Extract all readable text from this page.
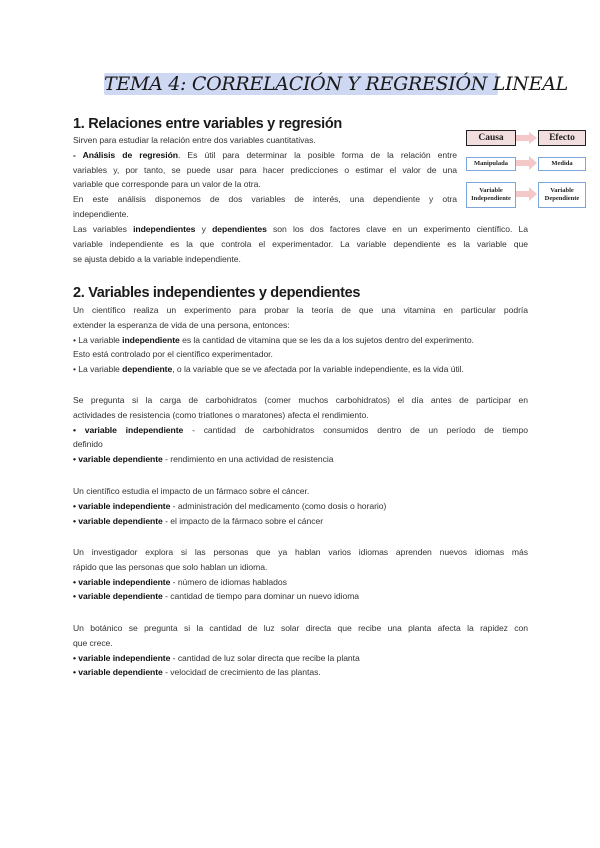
TEMA 4: CORRELACIÓN Y REGRESIÓN LINEAL
1. Relaciones entre variables y regresión
Sirven para estudiar la relación entre dos variables cuantitativas.
- Análisis de regresión. Es útil para determinar la posible forma de la relación entre
variables y, por tanto, se puede usar para hacer predicciones o estimar el valor de una
variable que corresponde para un valor de la otra.
En este análisis disponemos de dos variables de interés, una dependiente y otra
independiente.
Las variables independientes y dependientes son los dos factores clave en un experimento científico. La
variable independiente es la que controla el experimentador. La variable dependiente es la variable que
se ajusta debido a la variable independiente.
Causa	Efecto
Manipulada	Medida
Variable
Independiente
Variable
Dependiente
2. Variables independientes y dependientes
Un científico realiza un experimento para probar la teoría de que una vitamina en particular podría
extender la esperanza de vida de una persona, entonces:
• La variable independiente es la cantidad de vitamina que se les da a los sujetos dentro del experimento.
Esto está controlado por el científico experimentador.
• La variable dependiente, o la variable que se ve afectada por la variable independiente, es la vida útil.
Se pregunta si la carga de carbohidratos (comer muchos carbohidratos) el día antes de participar en
actividades de resistencia (como triatlones o maratones) afecta el rendimiento.
• variable independiente - cantidad de carbohidratos consumidos dentro de un período de tiempo
definido
• variable dependiente - rendimiento en una actividad de resistencia
Un científico estudia el impacto de un fármaco sobre el cáncer.
• variable independiente - administración del medicamento (como dosis o horario)
• variable dependiente - el impacto de la fármaco sobre el cáncer
Un investigador explora si las personas que ya hablan varios idiomas aprenden nuevos idiomas más
rápido que las personas que solo hablan un idioma.
• variable independiente - número de idiomas hablados
• variable dependiente - cantidad de tiempo para dominar un nuevo idioma
Un botánico se pregunta si la cantidad de luz solar directa que recibe una planta afecta la rapidez con
que crece.
• variable independiente - cantidad de luz solar directa que recibe la planta
• variable dependiente - velocidad de crecimiento de las plantas.
